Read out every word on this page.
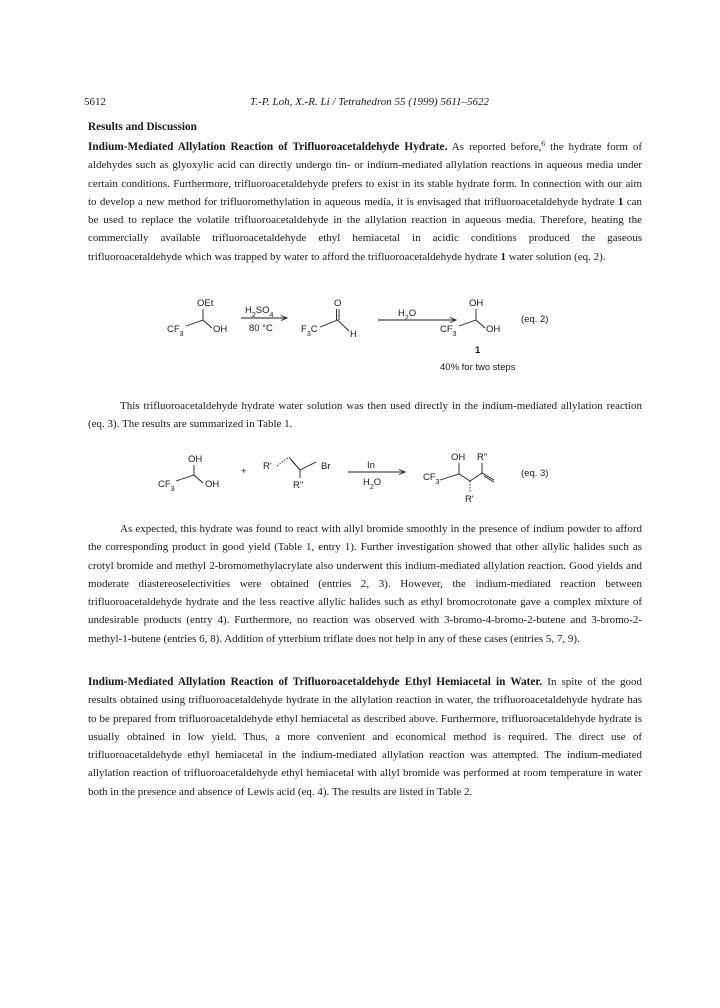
5612	T.-P. Loh, X.-R. Li / Tetrahedron 55 (1999) 5611–5622
Results and Discussion

Indium-Mediated Allylation Reaction of Trifluoroacetaldehyde Hydrate. As reported before,$^6$ the hydrate form of aldehydes such as glyoxylic acid can directly undergo tin- or indium-mediated allylation reactions in aqueous media under certain conditions. Furthermore, trifluoroacetaldehyde prefers to exist in its stable hydrate form. In connection with our aim to develop a new method for trifluoromethylation in aqueous media, it is envisaged that trifluoroacetaldehyde hydrate 1 can be used to replace the volatile trifluoroacetaldehyde in the allylation reaction in aqueous media. Therefore, heating the commercially available trifluoroacetaldehyde ethyl hemiacetal in acidic conditions produced the gaseous trifluoroacetaldehyde which was trapped by water to afford the trifluoroacetaldehyde hydrate 1 water solution (eq. 2).

OEt
$CF_3$	OH
$H_2SO_4$
80 °C
O
$F_3C$	H
$H_2O$
OH
$CF_3$	OH
1
40% for two steps
(eq. 2)
OH
$CF_3$	OH
+ R'
R''
Br	In
$H_2O$
OH R''
$CF_3$
R'
(eq. 3)

This trifluoroacetaldehyde hydrate water solution was then used directly in the indium-mediated allylation reaction (eq. 3). The results are summarized in Table 1.

As expected, this hydrate was found to react with allyl bromide smoothly in the presence of indium powder to afford the corresponding product in good yield (Table 1, entry 1). Further investigation showed that other allylic halides such as crotyl bromide and methyl 2-bromomethylacrylate also underwent this indium-mediated allylation reaction. Good yields and moderate diastereoselectivities were obtained (entries 2, 3). However, the indium-mediated reaction between trifluoroacetaldehyde hydrate and the less reactive allylic halides such as ethyl bromocrotonate gave a complex mixture of undesirable products (entry 4). Furthermore, no reaction was observed with 3-bromo-4-bromo-2-butene and 3-bromo-2-methyl-1-butene (entries 6, 8). Addition of ytterbium triflate does not help in any of these cases (entries 5, 7, 9).

Indium-Mediated Allylation Reaction of Trifluoroacetaldehyde Ethyl Hemiacetal in Water. In spite of the good results obtained using trifluoroacetaldehyde hydrate in the allylation reaction in water, the trifluoroacetaldehyde hydrate has to be prepared from trifluoroacetaldehyde ethyl hemiacetal as described above. Furthermore, trifluoroacetaldehyde hydrate is usually obtained in low yield. Thus, a more convenient and economical method is required. The direct use of trifluoroacetaldehyde ethyl hemiacetal in the indium-mediated allylation reaction was attempted. The indium-mediated allylation reaction of trifluoroacetaldehyde ethyl hemiacetal with allyl bromide was performed at room temperature in water both in the presence and absence of Lewis acid (eq. 4). The results are listed in Table 2.
